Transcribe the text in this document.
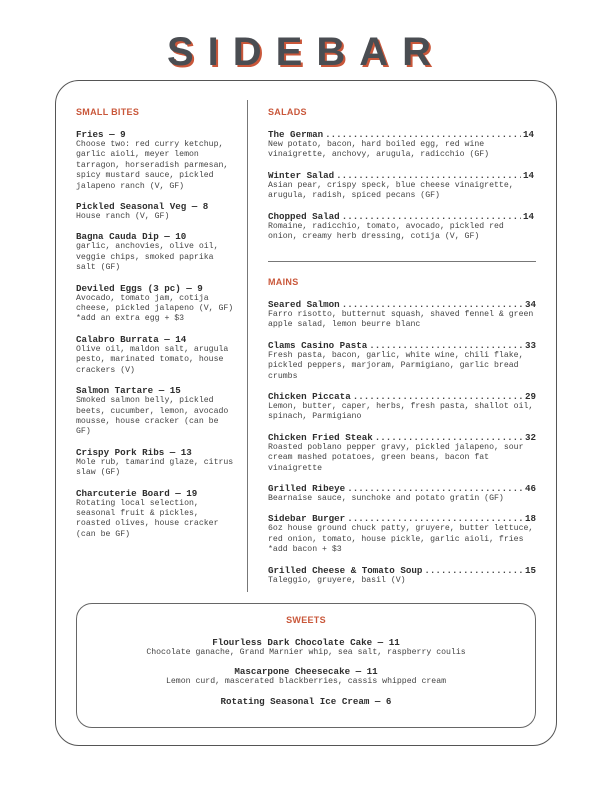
SIDEBAR
SMALL BITES
Fries — 9
Choose two: red curry ketchup, garlic aioli, meyer lemon tarragon, horseradish parmesan, spicy mustard sauce, pickled jalapeno ranch (V, GF)
Pickled Seasonal Veg — 8
House ranch (V, GF)
Bagna Cauda Dip — 10
garlic, anchovies, olive oil, veggie chips, smoked paprika salt (GF)
Deviled Eggs (3 pc) — 9
Avocado, tomato jam, cotija cheese, pickled jalapeno (V, GF) *add an extra egg + $3
Calabro Burrata — 14
Olive oil, maldon salt, arugula pesto, marinated tomato, house crackers (V)
Salmon Tartare — 15
Smoked salmon belly, pickled beets, cucumber, lemon, avocado mousse, house cracker (can be GF)
Crispy Pork Ribs — 13
Mole rub, tamarind glaze, citrus slaw (GF)
Charcuterie Board — 19
Rotating local selection, seasonal fruit & pickles, roasted olives, house cracker (can be GF)
SALADS
The German .....	14
New potato, bacon, hard boiled egg, red wine vinaigrette, anchovy, arugula, radicchio (GF)
Winter Salad .....	14
Asian pear, crispy speck, blue cheese vinaigrette, arugula, radish, spiced pecans (GF)
Chopped Salad .....	14
Romaine, radicchio, tomato, avocado, pickled red onion, creamy herb dressing, cotija (V, GF)
MAINS
Seared Salmon .....	34
Farro risotto, butternut squash, shaved fennel & green apple salad, lemon beurre blanc
Clams Casino Pasta .....	33
Fresh pasta, bacon, garlic, white wine, chili flake, pickled peppers, marjoram, Parmigiano, garlic bread crumbs
Chicken Piccata .....	29
Lemon, butter, caper, herbs, fresh pasta, shallot oil, spinach, Parmigiano
Chicken Fried Steak .....	32
Roasted poblano pepper gravy, pickled jalapeno, sour cream mashed potatoes, green beans, bacon fat vinaigrette
Grilled Ribeye .....	46
Bearnaise sauce, sunchoke and potato gratin (GF)
Sidebar Burger .....	18
6oz house ground chuck patty, gruyere, butter lettuce, red onion, tomato, house pickle, garlic aioli, fries *add bacon + $3
Grilled Cheese & Tomato Soup .....	15
Taleggio, gruyere, basil (V)
SWEETS
Flourless Dark Chocolate Cake — 11
Chocolate ganache, Grand Marnier whip, sea salt, raspberry coulis
Mascarpone Cheesecake — 11
Lemon curd, mascerated blackberries, cassis whipped cream
Rotating Seasonal Ice Cream — 6
